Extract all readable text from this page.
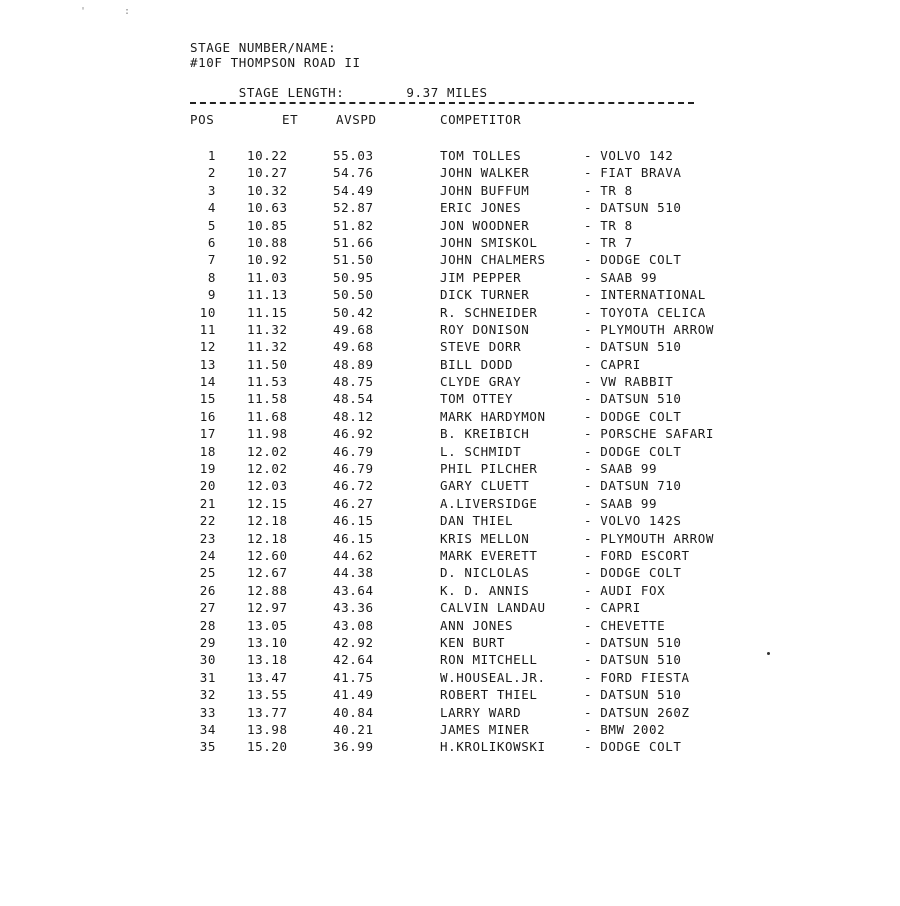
'	:
STAGE NUMBER/NAME:
#10F THOMPSON ROAD II

STAGE LENGTH:	9.37 MILES

POS	ET	AVSPD	COMPETITOR
1 10.22	55.03	TOM TOLLES	- VOLVO 142
2 10.27	54.76	JOHN WALKER	- FIAT BRAVA
3 10.32	54.49	JOHN BUFFUM	- TR 8
4 10.63	52.87	ERIC JONES	- DATSUN 510
5 10.85	51.82	JON WOODNER	- TR 8
6 10.88	51.66	JOHN SMISKOL	- TR 7
7 10.92	51.50	JOHN CHALMERS	- DODGE COLT
8 11.03	50.95	JIM PEPPER	- SAAB 99
9 11.13	50.50	DICK TURNER	- INTERNATIONAL
10 11.15	50.42	R. SCHNEIDER	- TOYOTA CELICA
11 11.32	49.68	ROY DONISON	- PLYMOUTH ARROW
12 11.32	49.68	STEVE DORR	- DATSUN 510
13 11.50	48.89	BILL DODD	- CAPRI
14 11.53	48.75	CLYDE GRAY	- VW RABBIT
15 11.58	48.54	TOM OTTEY	- DATSUN 510
16 11.68	48.12	MARK HARDYMON	- DODGE COLT
17 11.98	46.92	B. KREIBICH	- PORSCHE SAFARI
18 12.02	46.79	L. SCHMIDT	- DODGE COLT
19 12.02	46.79	PHIL PILCHER	- SAAB 99
20 12.03	46.72	GARY CLUETT	- DATSUN 710
21 12.15	46.27	A.LIVERSIDGE	- SAAB 99
22 12.18	46.15	DAN THIEL	- VOLVO 142S
23 12.18	46.15	KRIS MELLON	- PLYMOUTH ARROW
24 12.60	44.62	MARK EVERETT	- FORD ESCORT
25 12.67	44.38	D. NICLOLAS	- DODGE COLT
26 12.88	43.64	K. D. ANNIS	- AUDI FOX
27 12.97	43.36	CALVIN LANDAU	- CAPRI
28 13.05	43.08	ANN JONES	- CHEVETTE
29 13.10	42.92	KEN BURT	- DATSUN 510
30 13.18	42.64	RON MITCHELL	- DATSUN 510
31 13.47	41.75	W.HOUSEAL.JR.	- FORD FIESTA
32 13.55	41.49	ROBERT THIEL	- DATSUN 510
33 13.77	40.84	LARRY WARD	- DATSUN 260Z
34 13.98	40.21	JAMES MINER	- BMW 2002
35 15.20	36.99	H.KROLIKOWSKI	- DODGE COLT
